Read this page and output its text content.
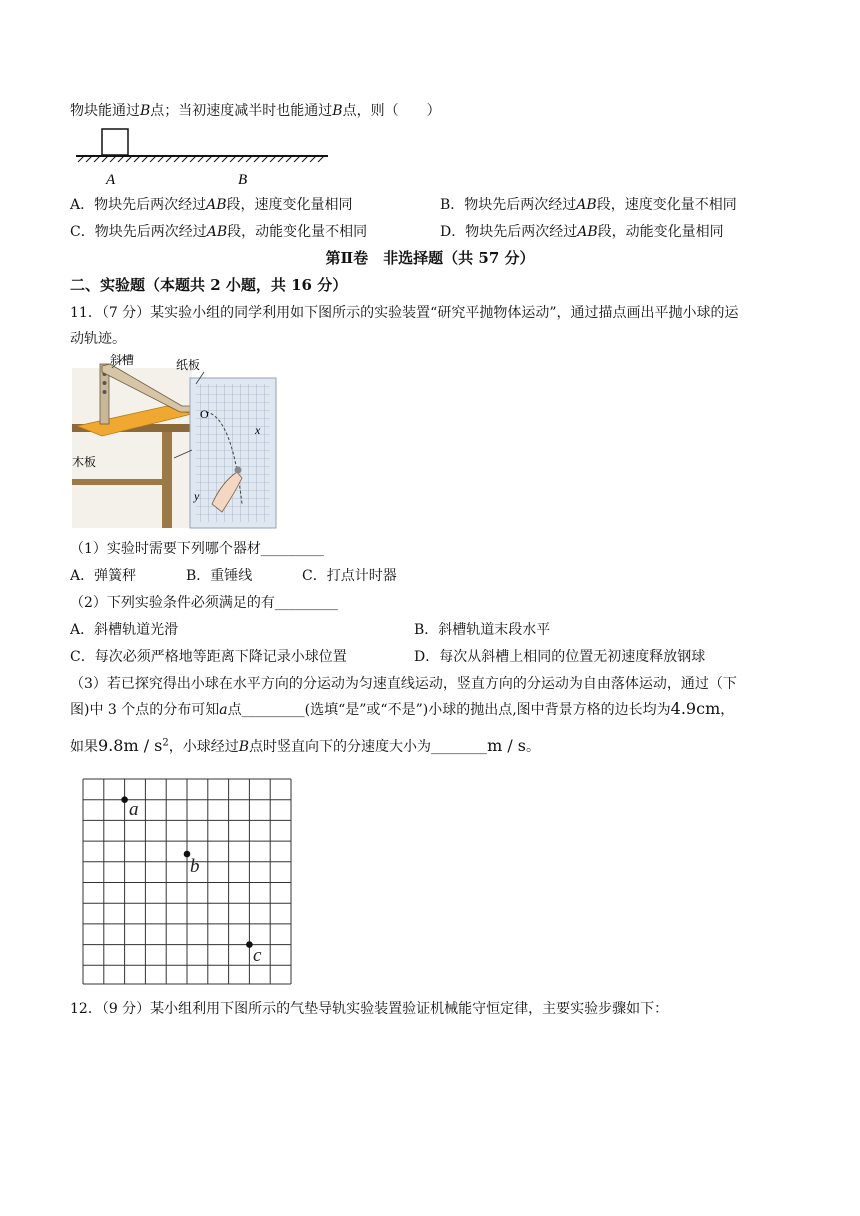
物块能通过B点；当初速度减半时也能通过B点，则（　　）
A	B
A．物块先后两次经过AB段，速度变化量相同	B．物块先后两次经过AB段，速度变化量不相同
C．物块先后两次经过AB段，动能变化量不相同	D．物块先后两次经过AB段，动能变化量相同
第Ⅱ卷　非选择题（共 57 分）
二、实验题（本题共 2 小题，共 16 分）
11．（7 分）某实验小组的同学利用如下图所示的实验装置“研究平抛物体运动”，通过描点画出平抛小球的运
动轨迹。
斜槽	纸板
O
x
y
木板
（1）实验时需要下列哪个器材_________
A．弹簧秤	B．重锤线	C．打点计时器
（2）下列实验条件必须满足的有_________
A．斜槽轨道光滑	B．斜槽轨道末段水平
C．每次必须严格地等距离下降记录小球位置	D．每次从斜槽上相同的位置无初速度释放钢球
（3）若已探究得出小球在水平方向的分运动为匀速直线运动，竖直方向的分运动为自由落体运动，通过（下
图)中 3 个点的分布可知a点_________(选填“是”或“不是”)小球的抛出点,图中背景方格的边长均为4.9cm，
如果$9.8m / s^2$，小球经过B点时竖直向下的分速度大小为________m / s。
a
b
c
12．（9 分）某小组利用下图所示的气垫导轨实验装置验证机械能守恒定律，主要实验步骤如下：
